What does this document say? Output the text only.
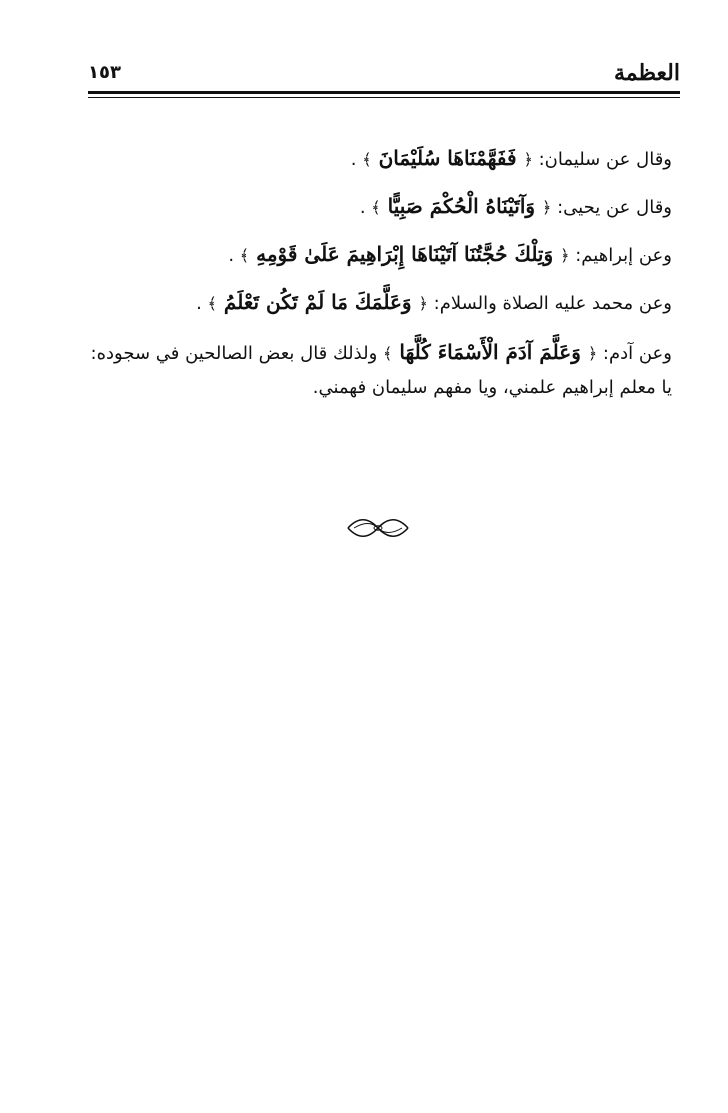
العظمة
١٥٣
وقال عن سليمان: ﴿ فَفَهَّمْنَاهَا سُلَيْمَانَ ﴾ .
وقال عن يحيى: ﴿ وَآتَيْنَاهُ الْحُكْمَ صَبِيًّا ﴾ .
وعن إبراهيم: ﴿ وَتِلْكَ حُجَّتُنَا آتَيْنَاهَا إِبْرَاهِيمَ عَلَىٰ قَوْمِهِ ﴾ .
وعن محمد عليه الصلاة والسلام: ﴿ وَعَلَّمَكَ مَا لَمْ تَكُن تَعْلَمُ ﴾ .
وعن آدم: ﴿ وَعَلَّمَ آدَمَ الْأَسْمَاءَ كُلَّهَا ﴾ ولذلك قال بعض الصالحين في سجوده:
يا معلم إبراهيم علمني، ويا مفهم سليمان فهمني.
